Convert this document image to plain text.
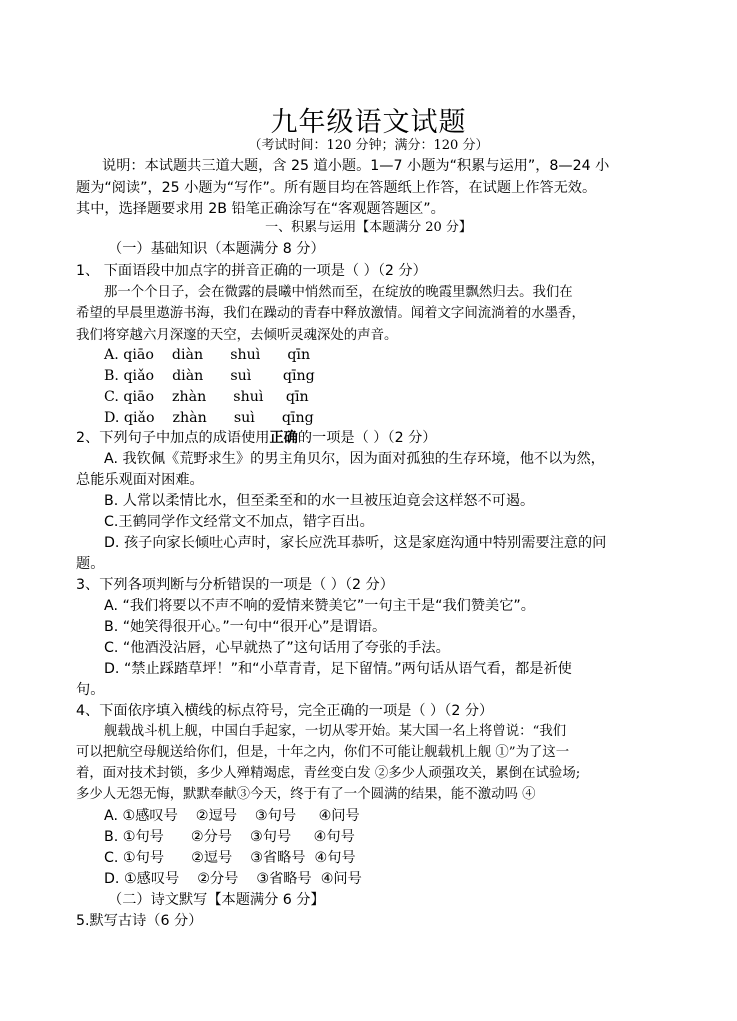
九年级语文试题
（考试时间：120 分钟；满分：120 分）
说明：本试题共三道大题，含 25 道小题。1—7 小题为“积累与运用”，8—24 小
题为“阅读”，25 小题为“写作”。所有题目均在答题纸上作答，在试题上作答无效。
其中，选择题要求用 2B 铅笔正确涂写在“客观题答题区”。
一、积累与运用【本题满分 20 分】
（一）基础知识（本题满分 8 分）
1、 下面语段中加点字的拼音正确的一项是（ ）（2 分）
那一个个日子，会在微露的晨曦中悄然而至，在绽放的晚霞里飘然归去。我们在
希望的早晨里遨游书海，我们在躁动的青春中释放激情。闻着文字间流淌着的水墨香，
我们将穿越六月深邃的天空，去倾听灵魂深处的声音。
A. qiāo    diàn      shuì      qīn
B. qiǎo    diàn      suì       qīng
C. qiāo    zhàn      shuì     qīn
D. qiǎo    zhàn      suì      qīng
2、下列句子中加点的成语使用正确的一项是（ ）（2 分）
A. 我钦佩《荒野求生》的男主角贝尔，因为面对孤独的生存环境，他不以为然，
总能乐观面对困难。
B. 人常以柔情比水，但至柔至和的水一旦被压迫竟会这样怒不可遏。
C.王鹤同学作文经常文不加点，错字百出。
D. 孩子向家长倾吐心声时，家长应洗耳恭听，这是家庭沟通中特别需要注意的问
题。
3、下列各项判断与分析错误的一项是（ ）（2 分）
A. “我们将要以不声不响的爱情来赞美它”一句主干是“我们赞美它”。
B. “她笑得很开心。”一句中“很开心”是谓语。
C. “他酒没沾唇，心早就热了”这句话用了夸张的手法。
D. “禁止踩踏草坪！”和“小草青青，足下留情。”两句话从语气看，都是祈使
句。
4、下面依序填入横线的标点符号，完全正确的一项是（ ）（2 分）
舰载战斗机上舰，中国白手起家，一切从零开始。某大国一名上将曾说：“我们
可以把航空母舰送给你们，但是，十年之内，你们不可能让舰载机上舰 ①”为了这一
着，面对技术封锁，多少人殚精竭虑，青丝变白发 ②多少人顽强攻关，累倒在试验场;
多少人无怨无悔，默默奉献③今天，终于有了一个圆满的结果，能不激动吗 ④
A. ①感叹号    ②逗号    ③句号     ④问号
B. ①句号      ②分号    ③句号     ④句号
C. ①句号      ②逗号    ③省略号  ④句号
D. ①感叹号    ②分号    ③省略号  ④问号
（二）诗文默写【本题满分 6 分】
5.默写古诗（6 分）
